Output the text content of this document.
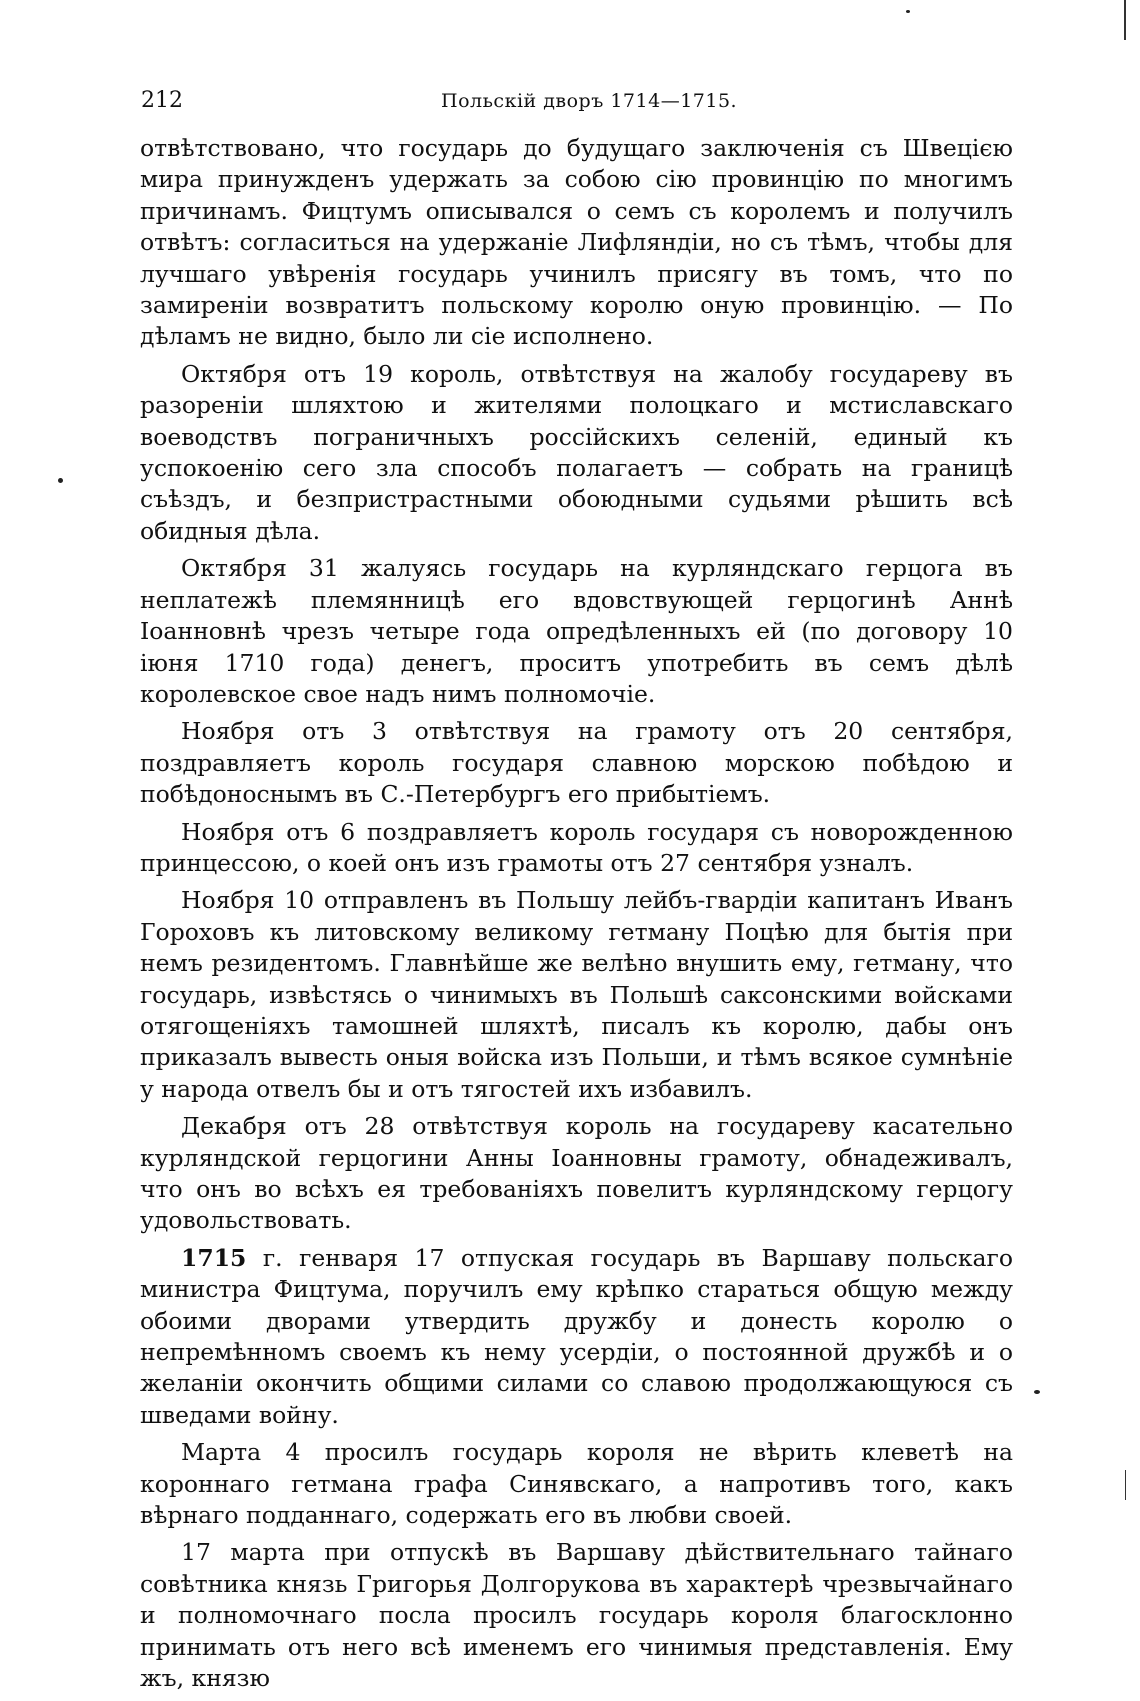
212	Польскій дворъ 1714—1715.

отвѣтствовано, что государь до будущаго заключенія съ Швецією мира принужденъ удержать за собою сію провинцію по многимъ причинамъ. Фицтумъ описывался о семъ съ королемъ и получилъ отвѣтъ: согласиться на удержаніе Лифляндіи, но съ тѣмъ, чтобы для лучшаго увѣренія государь учинилъ присягу въ томъ, что по замиреніи возвратитъ польскому королю оную провинцію. — По дѣламъ не видно, было ли сіе исполнено.

Октября отъ 19 король, отвѣтствуя на жалобу государеву въ разореніи шляхтою и жителями полоцкаго и мстиславскаго воеводствъ пограничныхъ россійскихъ селеній, единый къ успокоенію сего зла способъ полагаетъ — собрать на границѣ съѣздъ, и безпристрастными обоюдными судьями рѣшить всѣ обидныя дѣла.

Октября 31 жалуясь государь на курляндскаго герцога въ неплатежѣ племянницѣ его вдовствующей герцогинѣ Аннѣ Іоанновнѣ чрезъ четыре года опредѣленныхъ ей (по договору 10 іюня 1710 года) денегъ, проситъ употребить въ семъ дѣлѣ королевское свое надъ нимъ полномочіе.

Ноября отъ 3 отвѣтствуя на грамоту отъ 20 сентября, поздравляетъ король государя славною морскою побѣдою и побѣдоноснымъ въ С.-Петербургъ его прибытіемъ.

Ноября отъ 6 поздравляетъ король государя съ новорожденною принцессою, о коей онъ изъ грамоты отъ 27 сентября узналъ.

Ноября 10 отправленъ въ Польшу лейбъ-гвардіи капитанъ Иванъ Гороховъ къ литовскому великому гетману Поцѣю для бытія при немъ резидентомъ. Главнѣйше же велѣно внушить ему, гетману, что государь, извѣстясь о чинимыхъ въ Польшѣ саксонскими войсками отягощеніяхъ тамошней шляхтѣ, писалъ къ королю, дабы онъ приказалъ вывесть оныя войска изъ Польши, и тѣмъ всякое сумнѣніе у народа отвелъ бы и отъ тягостей ихъ избавилъ.

Декабря отъ 28 отвѣтствуя король на государеву касательно курляндской герцогини Анны Іоанновны грамоту, обнадеживалъ, что онъ во всѣхъ ея требованіяхъ повелитъ курляндскому герцогу удовольствовать.

1715 г. генваря 17 отпуская государь въ Варшаву польскаго министра Фицтума, поручилъ ему крѣпко стараться общую между обоими дворами утвердить дружбу и донесть королю о непремѣнномъ своемъ къ нему усердіи, о постоянной дружбѣ и о желаніи окончить общими силами со славою продолжающуюся съ шведами войну.

Марта 4 просилъ государь короля не вѣрить клеветѣ на короннаго гетмана графа Синявскаго, а напротивъ того, какъ вѣрнаго подданнаго, содержать его въ любви своей.

17 марта при отпускѣ въ Варшаву дѣйствительнаго тайнаго совѣтника князь Григорья Долгорукова въ характерѣ чрезвычайнаго и полномочнаго посла просилъ государь короля благосклонно принимать отъ него всѣ именемъ его чинимыя представленія. Ему жъ, князю
